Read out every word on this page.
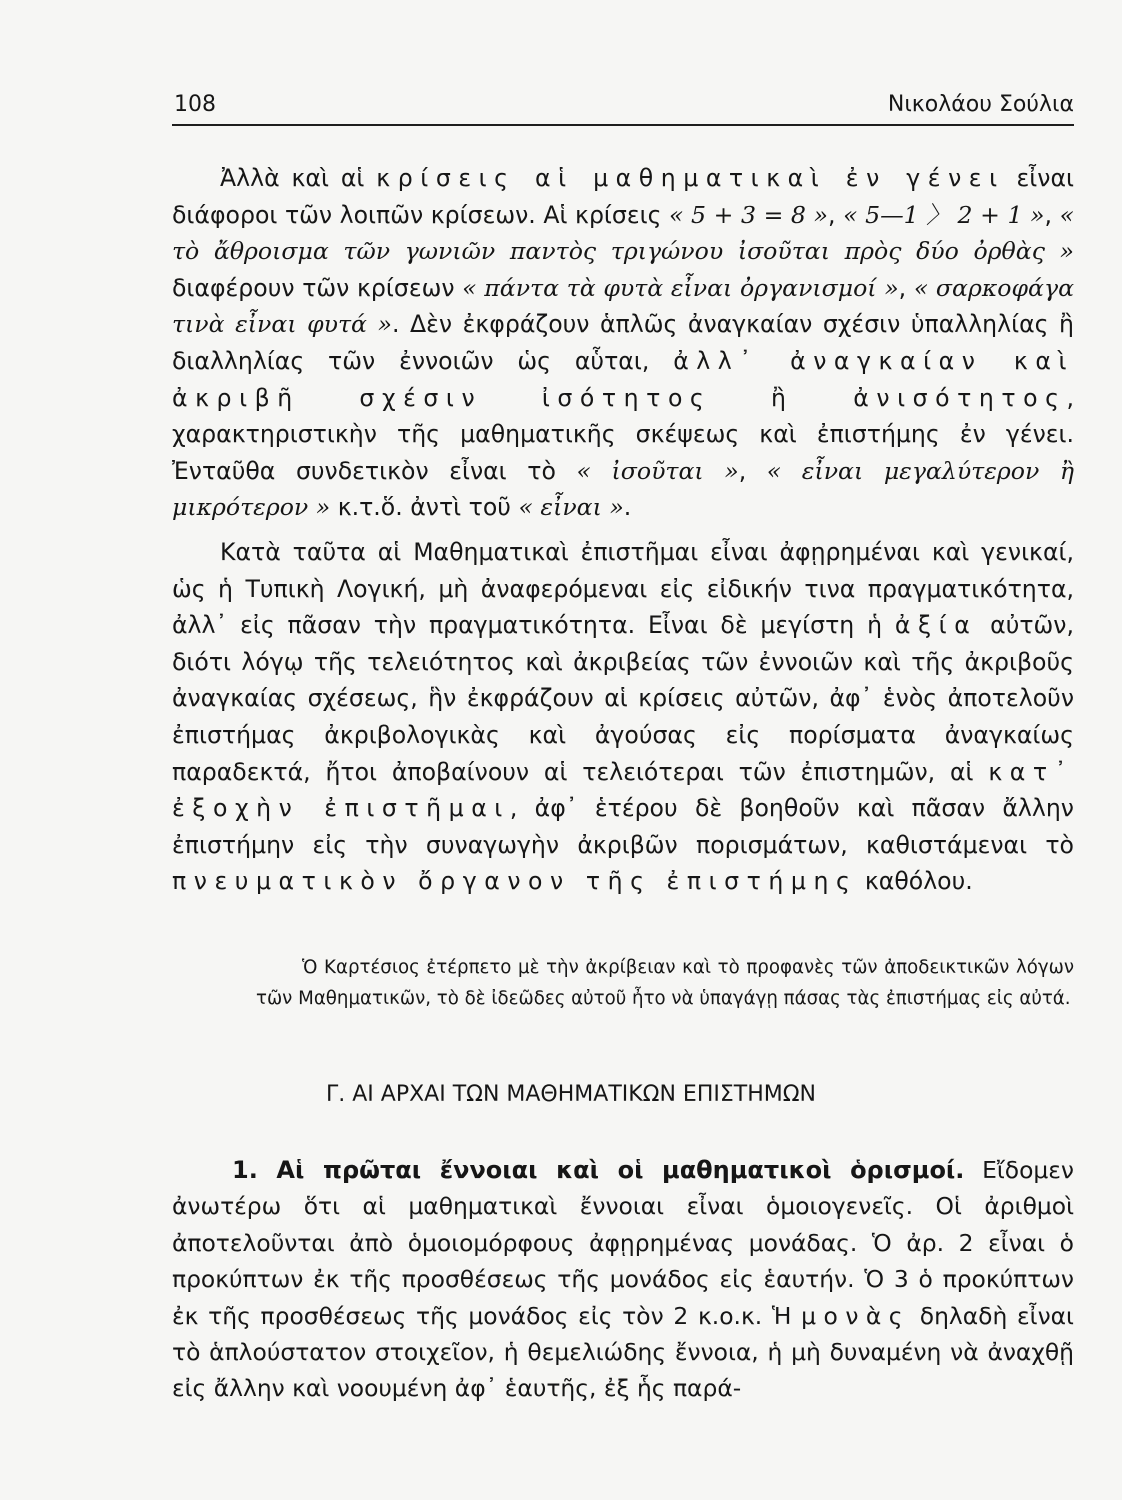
108	Νικολάου Σούλια

Ἀλλὰ καὶ αἱ κρίσεις αἱ μαθηματικαὶ ἐν γένει εἶναι διάφοροι τῶν λοιπῶν κρίσεων. Αἱ κρίσεις « 5 + 3 = 8 », « 5—1 〉 2 + 1 », « τὸ ἄθροισμα τῶν γωνιῶν παντὸς τριγώνου ἰσοῦται πρὸς δύο ὀρθὰς » διαφέρουν τῶν κρίσεων « πάντα τὰ φυτὰ εἶναι ὀργανισμοί », « σαρκοφάγα τινὰ εἶναι φυτά ». Δὲν ἐκφράζουν ἁπλῶς ἀναγκαίαν σχέσιν ὑπαλληλίας ἢ διαλληλίας τῶν ἐννοιῶν ὡς αὗται, ἀλλ᾽ ἀναγκαίαν καὶ ἀκριβῆ σχέσιν ἰσότητος ἢ ἀνισότητος, χαρακτηριστικὴν τῆς μαθηματικῆς σκέψεως καὶ ἐπιστήμης ἐν γένει. Ἐνταῦθα συνδετικὸν εἶναι τὸ « ἰσοῦται », « εἶναι μεγαλύτερον ἢ μικρότερον » κ.τ.ὅ. ἀντὶ τοῦ « εἶναι ».

Κατὰ ταῦτα αἱ Μαθηματικαὶ ἐπιστῆμαι εἶναι ἀφῃρημέναι καὶ γενικαί, ὡς ἡ Τυπικὴ Λογική, μὴ ἀναφερόμεναι εἰς εἰδικήν τινα πραγματικότητα, ἀλλ᾽ εἰς πᾶσαν τὴν πραγματικότητα. Εἶναι δὲ μεγίστη ἡ ἀξία αὐτῶν, διότι λόγῳ τῆς τελειότητος καὶ ἀκριβείας τῶν ἐννοιῶν καὶ τῆς ἀκριβοῦς ἀναγκαίας σχέσεως, ἣν ἐκφράζουν αἱ κρίσεις αὐτῶν, ἀφ᾽ ἑνὸς ἀποτελοῦν ἐπιστήμας ἀκριβολογικὰς καὶ ἀγούσας εἰς πορίσματα ἀναγκαίως παραδεκτά, ἤτοι ἀποβαίνουν αἱ τελειότεραι τῶν ἐπιστημῶν, αἱ κατ᾽ ἐξοχὴν ἐπιστῆμαι, ἀφ᾽ ἑτέρου δὲ βοηθοῦν καὶ πᾶσαν ἄλλην ἐπιστήμην εἰς τὴν συναγωγὴν ἀκριβῶν πορισμάτων, καθιστάμεναι τὸ πνευματικὸν ὄργανον τῆς ἐπιστήμης καθόλου.

Ὁ Καρτέσιος ἐτέρπετο μὲ τὴν ἀκρίβειαν καὶ τὸ προφανὲς τῶν ἀποδεικτικῶν λόγων τῶν Μαθηματικῶν, τὸ δὲ ἰδεῶδες αὐτοῦ ἦτο νὰ ὑπαγάγῃ πάσας τὰς ἐπιστήμας εἰς αὐτά.

Γ. ΑΙ ΑΡΧΑΙ ΤΩΝ ΜΑΘΗΜΑΤΙΚΩΝ ΕΠΙΣΤΗΜΩΝ

1. Αἱ πρῶται ἔννοιαι καὶ οἱ μαθηματικοὶ ὁρισμοί. Εἴδομεν ἀνωτέρω ὅτι αἱ μαθηματικαὶ ἔννοιαι εἶναι ὁμοιογενεῖς. Οἱ ἀριθμοὶ ἀποτελοῦνται ἀπὸ ὁμοιομόρφους ἀφῃρημένας μονάδας. Ὁ ἀρ. 2 εἶναι ὁ προκύπτων ἐκ τῆς προσθέσεως τῆς μονάδος εἰς ἑαυτήν. Ὁ 3 ὁ προκύπτων ἐκ τῆς προσθέσεως τῆς μονάδος εἰς τὸν 2 κ.ο.κ. Ἡ μονὰς δηλαδὴ εἶναι τὸ ἁπλούστατον στοιχεῖον, ἡ θεμελιώδης ἔννοια, ἡ μὴ δυναμένη νὰ ἀναχθῇ εἰς ἄλλην καὶ νοουμένη ἀφ᾽ ἑαυτῆς, ἐξ ἧς παρά-
